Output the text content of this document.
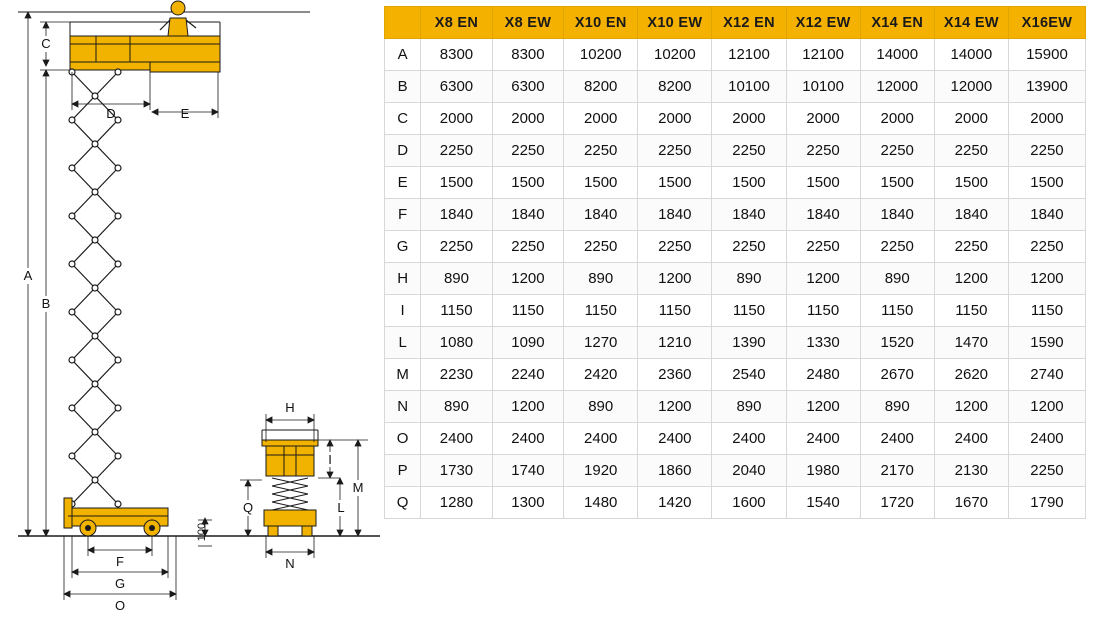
A
B
C
D	E
F
G
O
H
I
M
L
Q
N
100
	X8 EN	X8 EW	X10 EN	X10 EW	X12 EN	X12 EW	X14 EN	X14 EW	X16EW
A	8300	8300	10200	10200	12100	12100	14000	14000	15900
B	6300	6300	8200	8200	10100	10100	12000	12000	13900
C	2000	2000	2000	2000	2000	2000	2000	2000	2000
D	2250	2250	2250	2250	2250	2250	2250	2250	2250
E	1500	1500	1500	1500	1500	1500	1500	1500	1500
F	1840	1840	1840	1840	1840	1840	1840	1840	1840
G	2250	2250	2250	2250	2250	2250	2250	2250	2250
H	890	1200	890	1200	890	1200	890	1200	1200
I	1150	1150	1150	1150	1150	1150	1150	1150	1150
L	1080	1090	1270	1210	1390	1330	1520	1470	1590
M	2230	2240	2420	2360	2540	2480	2670	2620	2740
N	890	1200	890	1200	890	1200	890	1200	1200
O	2400	2400	2400	2400	2400	2400	2400	2400	2400
P	1730	1740	1920	1860	2040	1980	2170	2130	2250
Q	1280	1300	1480	1420	1600	1540	1720	1670	1790
